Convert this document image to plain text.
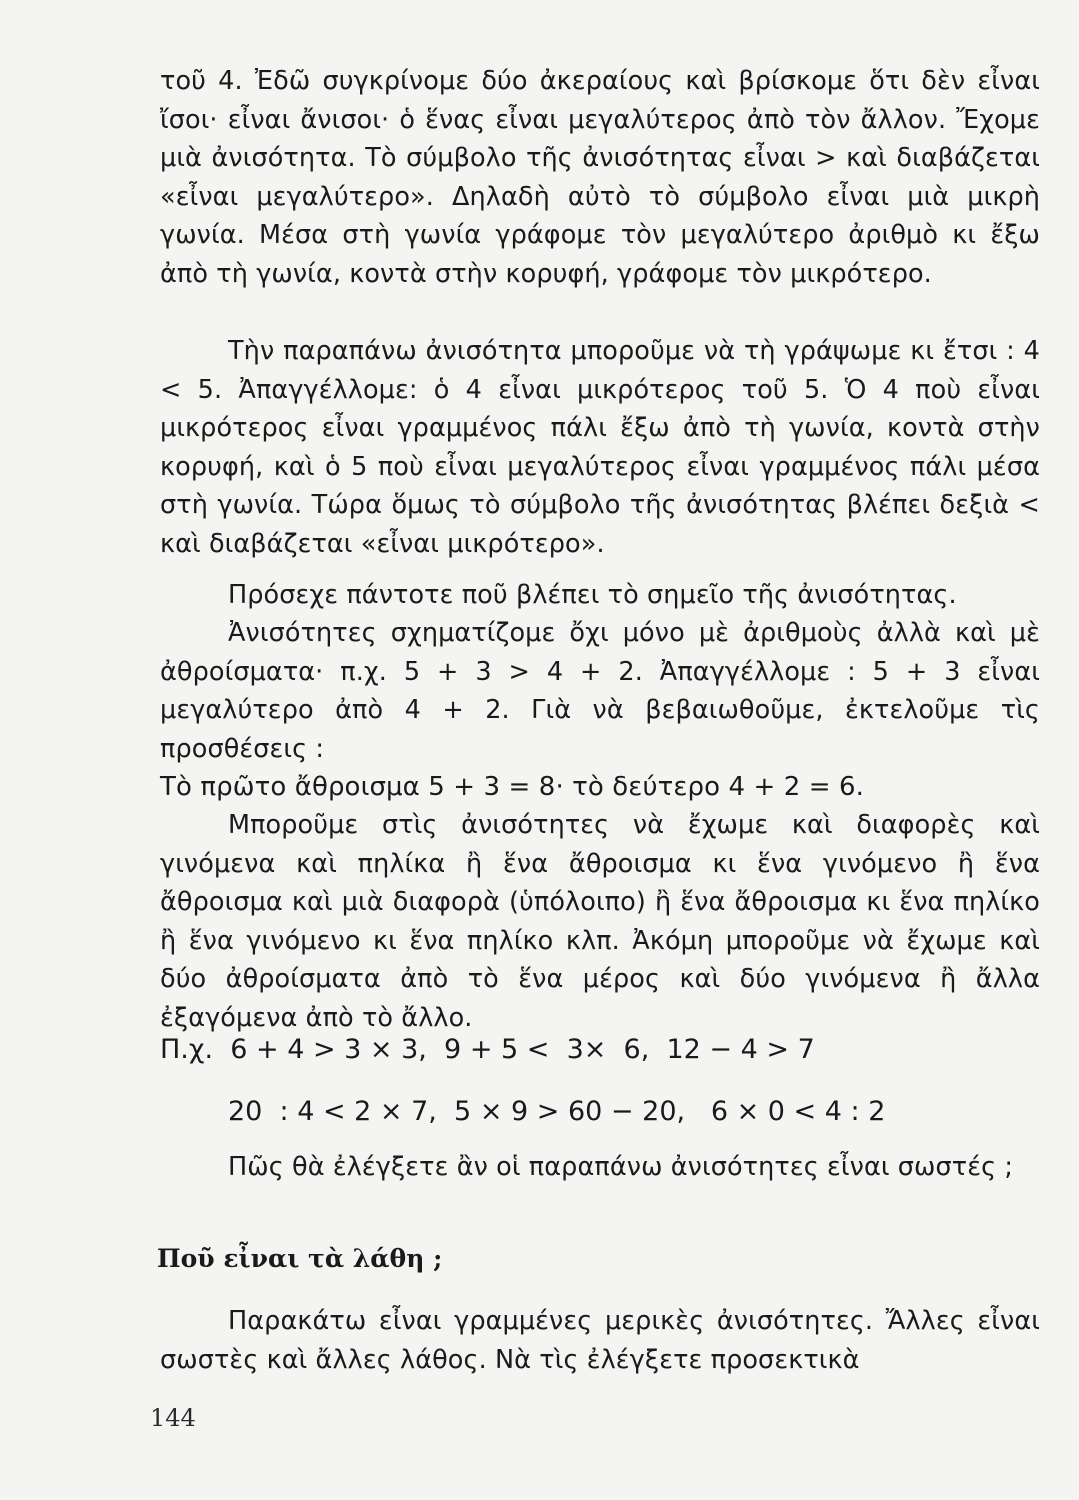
τοῦ 4. Ἐδῶ συγκρίνομε δύο ἀκεραίους καὶ βρίσκομε ὅτι δὲν εἶναι ἴσοι· εἶναι ἄνισοι· ὁ ἕνας εἶναι μεγαλύτερος ἀπὸ τὸν ἄλλον. Ἔχομε μιὰ ἀνισότητα. Τὸ σύμβολο τῆς ἀνισότητας εἶναι > καὶ διαβάζεται «εἶναι μεγαλύτερο». Δηλαδὴ αὐτὸ τὸ σύμβολο εἶναι μιὰ μικρὴ γωνία. Μέσα στὴ γωνία γράφομε τὸν μεγαλύτερο ἀριθμὸ κι ἔξω ἀπὸ τὴ γωνία, κοντὰ στὴν κορυφή, γράφομε τὸν μικρότερο.

Τὴν παραπάνω ἀνισότητα μποροῦμε νὰ τὴ γράψωμε κι ἔτσι : 4 < 5. Ἀπαγγέλλομε: ὁ 4 εἶναι μικρότερος τοῦ 5. Ὁ 4 ποὺ εἶναι μικρότερος εἶναι γραμμένος πάλι ἔξω ἀπὸ τὴ γωνία, κοντὰ στὴν κορυφή, καὶ ὁ 5 ποὺ εἶναι μεγαλύτερος εἶναι γραμμένος πάλι μέσα στὴ γωνία. Τώρα ὅμως τὸ σύμβολο τῆς ἀνισότητας βλέπει δεξιὰ < καὶ διαβάζεται «εἶναι μικρότερο».

Πρόσεχε πάντοτε ποῦ βλέπει τὸ σημεῖο τῆς ἀνισότητας.

Ἀνισότητες σχηματίζομε ὄχι μόνο μὲ ἀριθμοὺς ἀλλὰ καὶ μὲ ἀθροίσματα· π.χ. 5 + 3 > 4 + 2. Ἀπαγγέλλομε : 5 + 3 εἶναι μεγαλύτερο ἀπὸ 4 + 2. Γιὰ νὰ βεβαιωθοῦμε, ἐκτελοῦμε τὶς προσθέσεις :

Τὸ πρῶτο ἄθροισμα 5 + 3 = 8· τὸ δεύτερο 4 + 2 = 6.

Μποροῦμε στὶς ἀνισότητες νὰ ἔχωμε καὶ διαφορὲς καὶ γινόμενα καὶ πηλίκα ἢ ἕνα ἄθροισμα κι ἕνα γινόμενο ἢ ἕνα ἄθροισμα καὶ μιὰ διαφορὰ (ὑπόλοιπο) ἢ ἕνα ἄθροισμα κι ἕνα πηλίκο ἢ ἕνα γινόμενο κι ἕνα πηλίκο κλπ. Ἀκόμη μποροῦμε νὰ ἔχωμε καὶ δύο ἀθροίσματα ἀπὸ τὸ ἕνα μέρος καὶ δύο γινόμενα ἢ ἄλλα ἐξαγόμενα ἀπὸ τὸ ἄλλο.

Π.χ.  6 + 4 > 3 × 3,  9 + 5 <  3×  6,  12 − 4 > 7
20  : 4 < 2 × 7,  5 × 9 > 60 − 20,   6 × 0 < 4 : 2

Πῶς θὰ ἐλέγξετε ἂν οἱ παραπάνω ἀνισότητες εἶναι σωστές ;

Ποῦ εἶναι τὰ λάθη ;

Παρακάτω εἶναι γραμμένες μερικὲς ἀνισότητες. Ἄλλες εἶναι σωστὲς καὶ ἄλλες λάθος. Νὰ τὶς ἐλέγξετε προσεκτικὰ

144
